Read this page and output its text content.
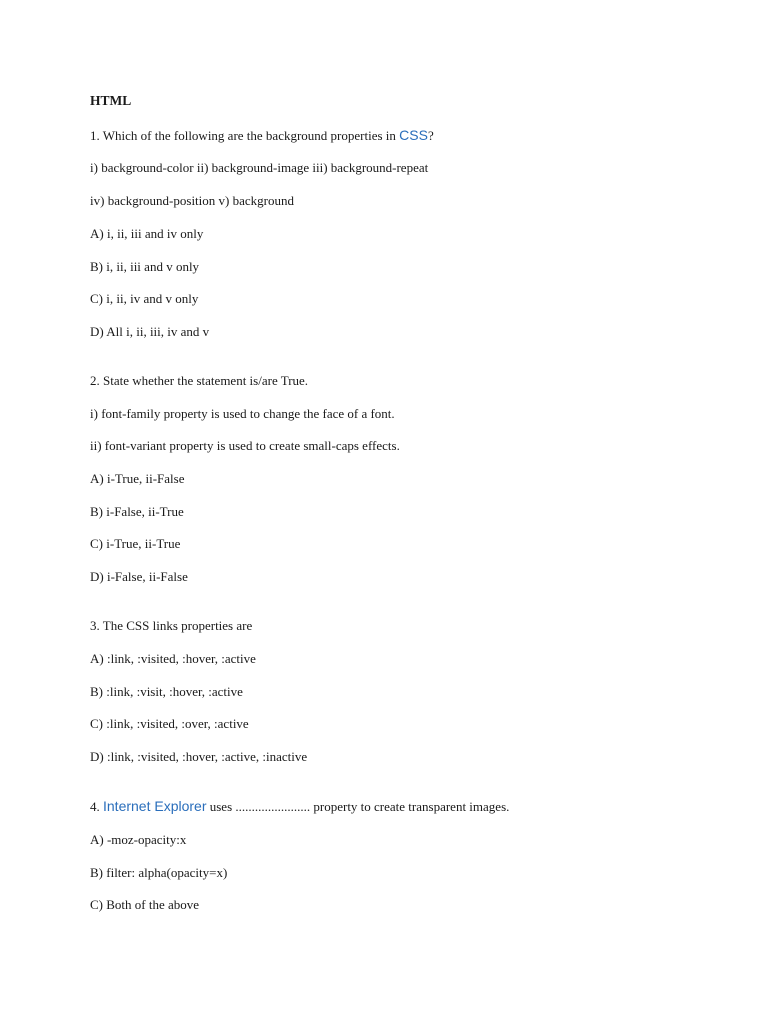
HTML
1. Which of the following are the background properties in CSS?
i) background-color ii) background-image iii) background-repeat
iv) background-position v) background
A) i, ii, iii and iv only
B) i, ii, iii and v only
C) i, ii, iv and v only
D) All i, ii, iii, iv and v
2. State whether the statement is/are True.
i) font-family property is used to change the face of a font.
ii) font-variant property is used to create small-caps effects.
A) i-True, ii-False
B) i-False, ii-True
C) i-True, ii-True
D) i-False, ii-False
3. The CSS links properties are
A) :link, :visited, :hover, :active
B) :link, :visit, :hover, :active
C) :link, :visited, :over, :active
D) :link, :visited, :hover, :active, :inactive
4. Internet Explorer uses ....................... property to create transparent images.
A) -moz-opacity:x
B) filter: alpha(opacity=x)
C) Both of the above
